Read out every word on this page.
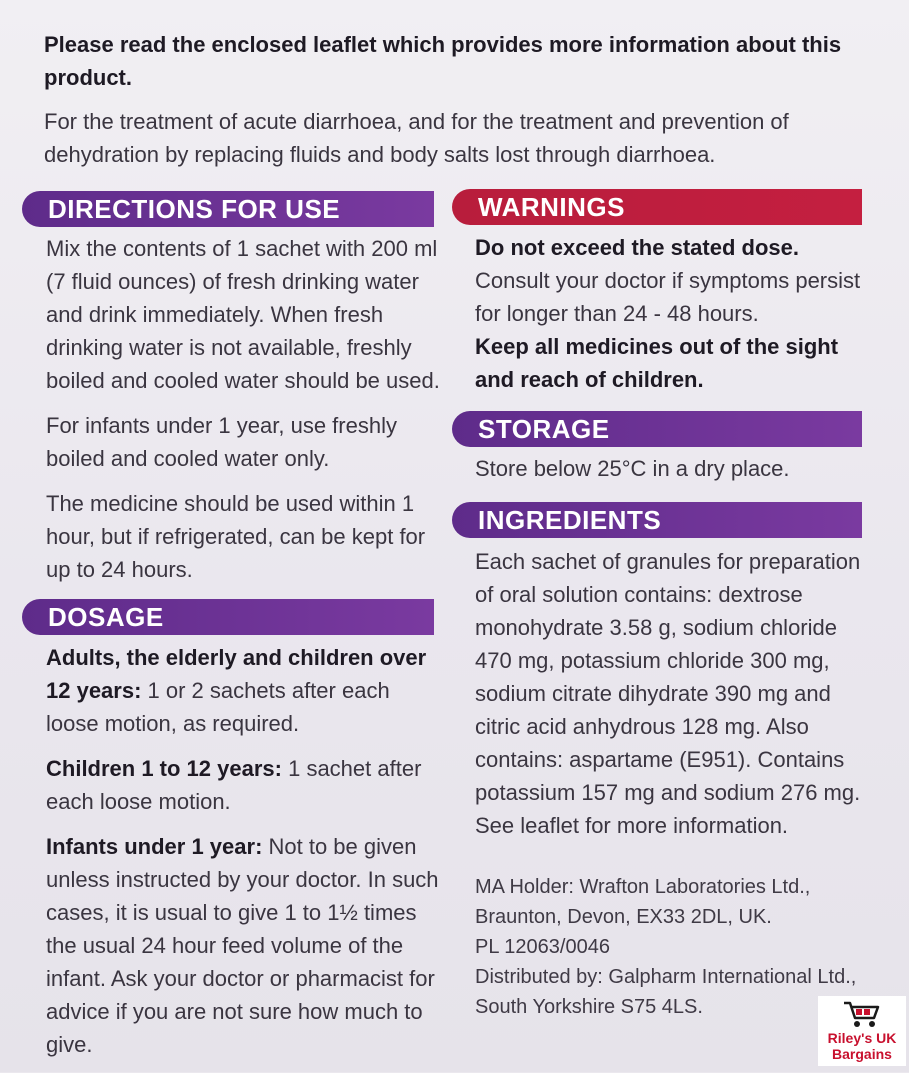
Please read the enclosed leaflet which provides more information about this product.
For the treatment of acute diarrhoea, and for the treatment and prevention of dehydration by replacing fluids and body salts lost through diarrhoea.
DIRECTIONS FOR USE

Mix the contents of 1 sachet with 200 ml (7 fluid ounces) of fresh drinking water and drink immediately. When fresh drinking water is not available, freshly boiled and cooled water should be used.

For infants under 1 year, use freshly boiled and cooled water only.

The medicine should be used within 1 hour, but if refrigerated, can be kept for up to 24 hours.

DOSAGE

Adults, the elderly and children over 12 years: 1 or 2 sachets after each loose motion, as required.

Children 1 to 12 years: 1 sachet after each loose motion.

Infants under 1 year: Not to be given unless instructed by your doctor. In such cases, it is usual to give 1 to 1½ times the usual 24 hour feed volume of the infant. Ask your doctor or pharmacist for advice if you are not sure how much to give.

WARNINGS
Do not exceed the stated dose.
Consult your doctor if symptoms persist for longer than 24 - 48 hours.
Keep all medicines out of the sight and reach of children.
STORAGE
Store below 25°C in a dry place.
INGREDIENTS
Each sachet of granules for preparation of oral solution contains: dextrose monohydrate 3.58 g, sodium chloride 470 mg, potassium chloride 300 mg, sodium citrate dihydrate 390 mg and citric acid anhydrous 128 mg. Also contains: aspartame (E951). Contains potassium 157 mg and sodium 276 mg. See leaflet for more information.
MA Holder: Wrafton Laboratories Ltd.,
Braunton, Devon, EX33 2DL, UK.
PL 12063/0046
Distributed by: Galpharm International Ltd.,
South Yorkshire S75 4LS.
Riley's UK
Bargains
